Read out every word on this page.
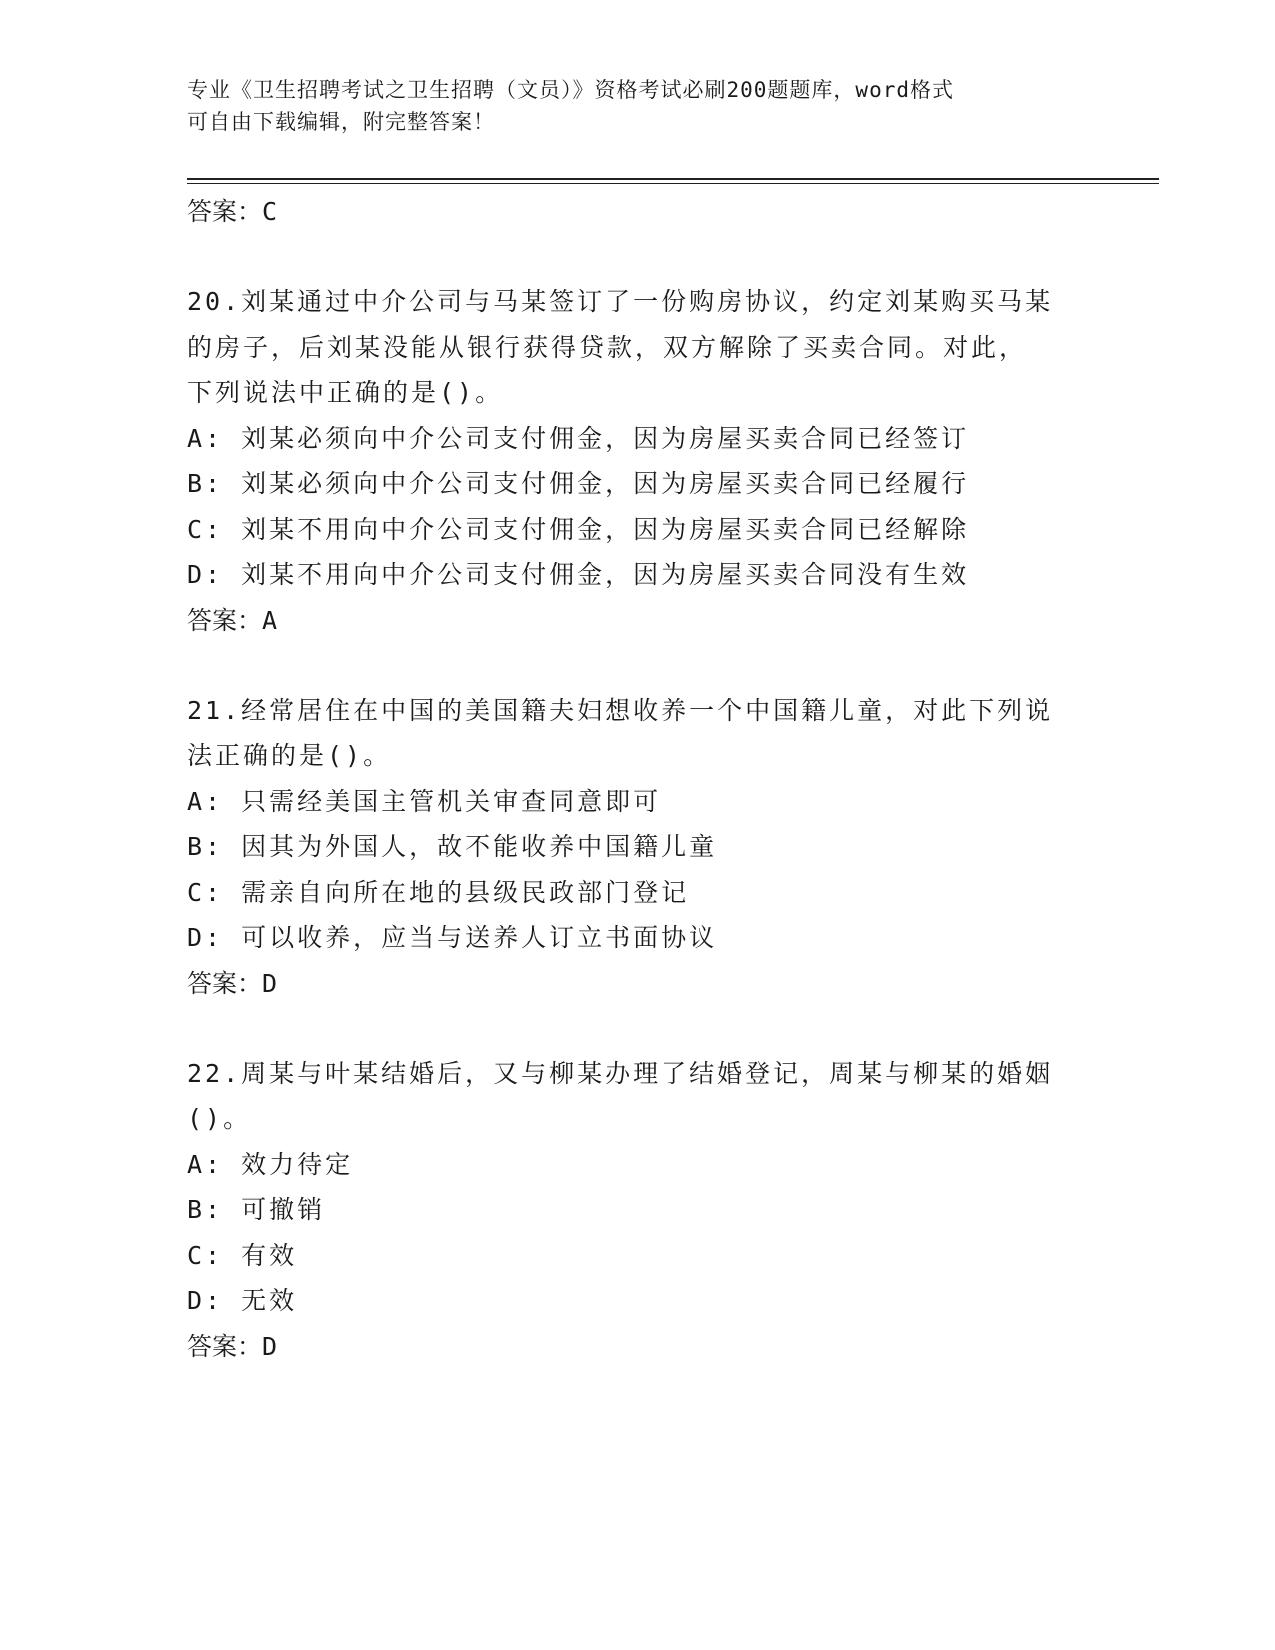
专业《卫生招聘考试之卫生招聘（文员）》资格考试必刷200题题库，word格式
可自由下载编辑，附完整答案！

答案：C

20.刘某通过中介公司与马某签订了一份购房协议，约定刘某购买马某

的房子，后刘某没能从银行获得贷款，双方解除了买卖合同。对此，

下列说法中正确的是()。

A: 刘某必须向中介公司支付佣金，因为房屋买卖合同已经签订

B: 刘某必须向中介公司支付佣金，因为房屋买卖合同已经履行

C: 刘某不用向中介公司支付佣金，因为房屋买卖合同已经解除

D: 刘某不用向中介公司支付佣金，因为房屋买卖合同没有生效

答案：A

21.经常居住在中国的美国籍夫妇想收养一个中国籍儿童，对此下列说

法正确的是()。

A: 只需经美国主管机关审查同意即可

B: 因其为外国人，故不能收养中国籍儿童

C: 需亲自向所在地的县级民政部门登记

D: 可以收养，应当与送养人订立书面协议

答案：D

22.周某与叶某结婚后，又与柳某办理了结婚登记，周某与柳某的婚姻

()。

A: 效力待定

B: 可撤销

C: 有效

D: 无效

答案：D
